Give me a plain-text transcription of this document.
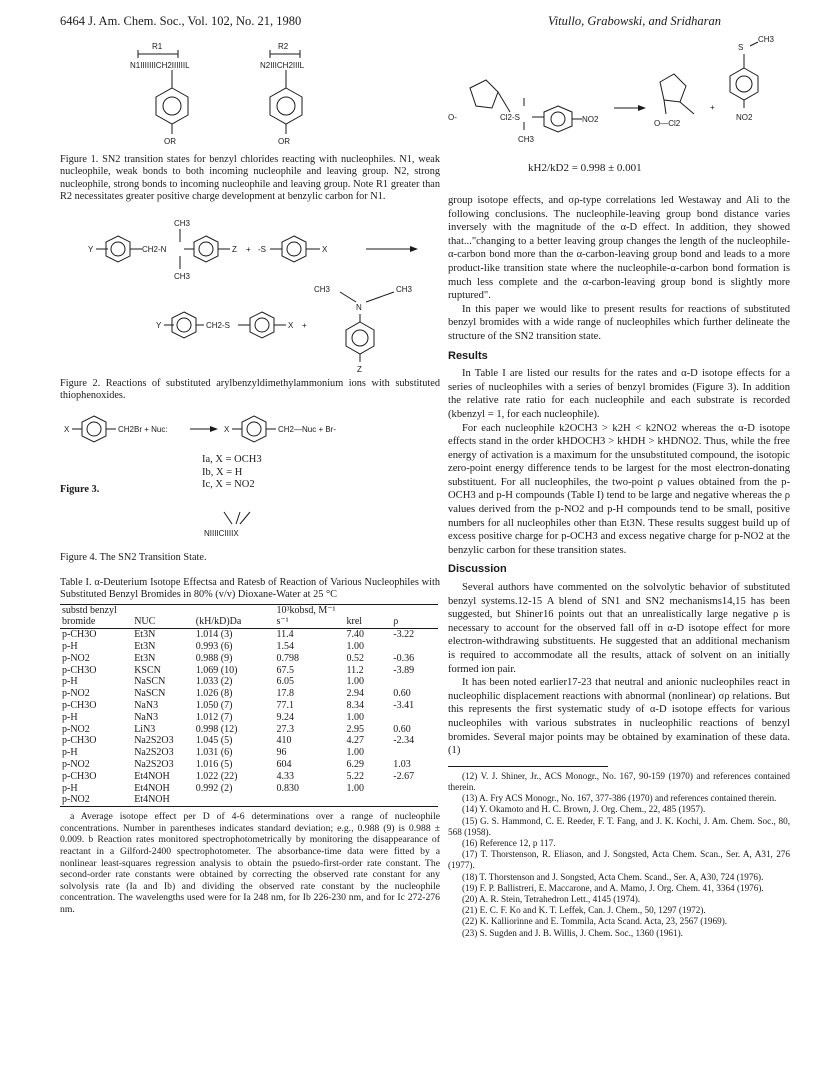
6464 J. Am. Chem. Soc., Vol. 102, No. 21, 1980	Vitullo, Grabowski, and Sridharan
R1
N1IIIIIIICH2IIIIIIL
OR
R2
N2IIICH2IIIL
OR

Figure 1. SN2 transition states for benzyl chlorides reacting with nucleophiles. N1, weak nucleophile, weak bonds to both incoming nucleophile and leaving group. N2, strong nucleophile, strong bonds to incoming nucleophile and leaving group. Note R1 greater than R2 necessitates greater positive charge development at benzylic carbon for N1.

Y	CH2-N
CH3
CH3
Z + -S	X
CH3	CH3
N
Z
Y	CH2-S	X +

Figure 2. Reactions of substituted arylbenzyldimethylammonium ions with substituted thiophenoxides.

X	CH2Br + Nuc:	X	CH2—Nuc + Br-
Ia, X = OCH3
Ib, X = H
Ic, X = NO2
Figure 3.
NIIIICIIIIX

Figure 4. The SN2 Transition State.

Table I. α-Deuterium Isotope Effectsa and Ratesb of Reaction of Various Nucleophiles with Substituted Benzyl Bromides in 80% (v/v) Dioxane-Water at 25 °C

substd benzyl bromide	NUC	(kH/kD)Da	10³kobsd, M⁻¹ s⁻¹	krel	ρ
p-CH3O	Et3N	1.014 (3)	11.4	7.40	-3.22
p-H	Et3N	0.993 (6)	1.54	1.00	
p-NO2	Et3N	0.988 (9)	0.798	0.52	-0.36
p-CH3O	KSCN	1.069 (10)	67.5	11.2	-3.89
p-H	NaSCN	1.033 (2)	6.05	1.00	
p-NO2	NaSCN	1.026 (8)	17.8	2.94	0.60
p-CH3O	NaN3	1.050 (7)	77.1	8.34	-3.41
p-H	NaN3	1.012 (7)	9.24	1.00	
p-NO2	LiN3	0.998 (12)	27.3	2.95	0.60
p-CH3O	Na2S2O3	1.045 (5)	410	4.27	-2.34
p-H	Na2S2O3	1.031 (6)	96	1.00	
p-NO2	Na2S2O3	1.016 (5)	604	6.29	1.03
p-CH3O	Et4NOH	1.022 (22)	4.33	5.22	-2.67
p-H	Et4NOH	0.992 (2)	0.830	1.00	
p-NO2	Et4NOH				

a Average isotope effect per D of 4-6 determinations over a range of nucleophile concentrations. Number in parentheses indicates standard deviation; e.g., 0.988 (9) is 0.988 ± 0.009. b Reaction rates monitored spectrophotometrically by monitoring the disappearance of reactant in a Gilford-2400 spectrophotometer. The absorbance-time data were fitted by a nonlinear least-squares regression analysis to obtain the psuedo-first-order rate constant. The second-order rate constants were obtained by correcting the observed rate constant for any solvolysis rate (Ia and Ib) and dividing the observed rate constant by the nucleophile concentration. The wavelengths used were for Ia 248 nm, for Ib 226-230 nm, and for Ic 272-276 nm.

O-	Cl2-S
CH3
NO2	O—Cl2
+
S
CH3
NO2
kH2/kD2 = 0.998 ± 0.001

group isotope effects, and σρ-type correlations led Westaway and Ali to the following conclusions. The nucleophile-leaving group bond distance varies inversely with the magnitude of the α-D effect. In addition, they showed that..."changing to a better leaving group changes the length of the nucleophile-α-carbon bond more than the α-carbon-leaving group bond and leads to a more product-like transition state where the nucleophile-α-carbon bond formation is much less complete and the α-carbon-leaving group bond is slightly more ruptured".

In this paper we would like to present results for reactions of substituted benzyl bromides with a wide range of nucleophiles which further delineate the structure of the SN2 transition state.

Results

In Table I are listed our results for the rates and α-D isotope effects for a series of nucleophiles with a series of benzyl bromides (Figure 3). In addition the relative rate ratio for each nucleophile and each substrate is recorded (kbenzyl = 1, for each nucleophile).

For each nucleophile k2OCH3 > k2H < k2NO2 whereas the α-D isotope effects stand in the order kHDOCH3 > kHDH > kHDNO2. Thus, while the free energy of activation is a maximum for the unsubstituted compound, the isotopic zero-point energy difference tends to be largest for the most electron-donating substituent. For all nucleophiles, the two-point ρ values obtained from the p-OCH3 and p-H compounds (Table I) tend to be large and negative whereas the ρ values derived from the p-NO2 and p-H compounds tend to be small, positive numbers for all nucleophiles other than Et3N. These results suggest build up of excess positive charge for p-OCH3 and excess negative charge for p-NO2 at the benzylic carbon for these transition states.

Discussion

Several authors have commented on the solvolytic behavior of substituted benzyl systems.12-15 A blend of SN1 and SN2 mechanisms14,15 has been suggested, but Shiner16 points out that an unrealistically large negative ρ is necessary to account for the observed fall off in α-D isotope effect for more electron-withdrawing substituents. He suggested that an additional mechanism is required to accommodate all the results, attack of solvent on an initially formed ion pair.

It has been noted earlier17-23 that neutral and anionic nucleophiles react in nucleophilic displacement reactions with abnormal (nonlinear) σρ relations. But this represents the first systematic study of α-D isotope effects for various nucleophiles with various substrates in nucleophilic reactions of benzyl bromides. Several major points may be obtained by examination of these data. (1)

(12) V. J. Shiner, Jr., ACS Monogr., No. 167, 90-159 (1970) and references contained therein.

(13) A. Fry ACS Monogr., No. 167, 377-386 (1970) and references contained therein.

(14) Y. Okamoto and H. C. Brown, J. Org. Chem., 22, 485 (1957).

(15) G. S. Hammond, C. E. Reeder, F. T. Fang, and J. K. Kochi, J. Am. Chem. Soc., 80, 568 (1958).

(16) Reference 12, p 117.

(17) T. Thorstenson, R. Eliason, and J. Songsted, Acta Chem. Scan., Ser. A, A31, 276 (1977).

(18) T. Thorstenson and J. Songsted, Acta Chem. Scand., Ser. A, A30, 724 (1976).

(19) F. P. Ballistreri, E. Maccarone, and A. Mamo, J. Org. Chem. 41, 3364 (1976).

(20) A. R. Stein, Tetrahedron Lett., 4145 (1974).

(21) E. C. F. Ko and K. T. Leffek, Can. J. Chem., 50, 1297 (1972).

(22) K. Kalliorinne and E. Tommila, Acta Scand. Acta, 23, 2567 (1969).

(23) S. Sugden and J. B. Willis, J. Chem. Soc., 1360 (1961).
